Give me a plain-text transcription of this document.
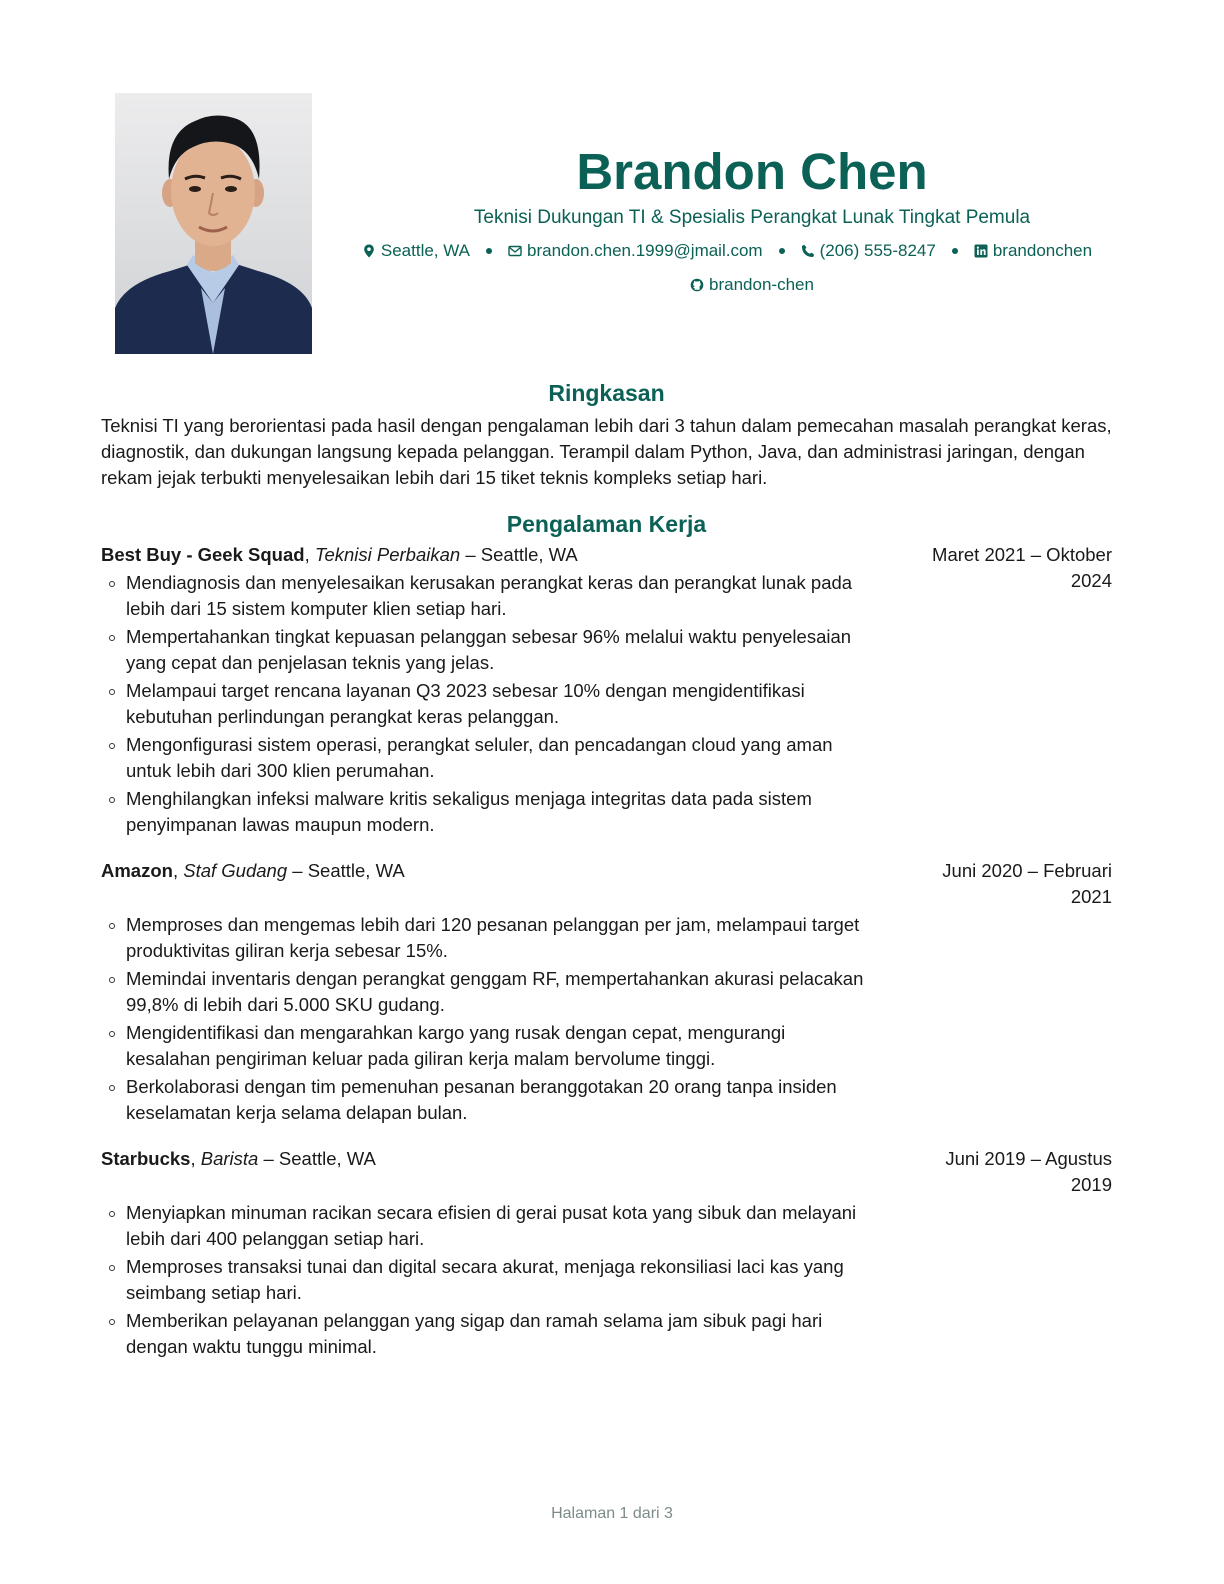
Brandon Chen
Teknisi Dukungan TI & Spesialis Perangkat Lunak Tingkat Pemula
Seattle, WA	brandon.chen.1999@jmail.com	(206) 555-8247	brandonchen
brandon-chen
Ringkasan
Teknisi TI yang berorientasi pada hasil dengan pengalaman lebih dari 3 tahun dalam pemecahan masalah perangkat keras, diagnostik, dan dukungan langsung kepada pelanggan. Terampil dalam Python, Java, dan administrasi jaringan, dengan rekam jejak terbukti menyelesaikan lebih dari 15 tiket teknis kompleks setiap hari.
Pengalaman Kerja
Best Buy - Geek Squad, Teknisi Perbaikan – Seattle, WA	Maret 2021 – Oktober 2024
Mendiagnosis dan menyelesaikan kerusakan perangkat keras dan perangkat lunak pada lebih dari 15 sistem komputer klien setiap hari.
Mempertahankan tingkat kepuasan pelanggan sebesar 96% melalui waktu penyelesaian yang cepat dan penjelasan teknis yang jelas.
Melampaui target rencana layanan Q3 2023 sebesar 10% dengan mengidentifikasi kebutuhan perlindungan perangkat keras pelanggan.
Mengonfigurasi sistem operasi, perangkat seluler, dan pencadangan cloud yang aman untuk lebih dari 300 klien perumahan.
Menghilangkan infeksi malware kritis sekaligus menjaga integritas data pada sistem penyimpanan lawas maupun modern.
Amazon, Staf Gudang – Seattle, WA	Juni 2020 – Februari 2021
Memproses dan mengemas lebih dari 120 pesanan pelanggan per jam, melampaui target produktivitas giliran kerja sebesar 15%.
Memindai inventaris dengan perangkat genggam RF, mempertahankan akurasi pelacakan 99,8% di lebih dari 5.000 SKU gudang.
Mengidentifikasi dan mengarahkan kargo yang rusak dengan cepat, mengurangi kesalahan pengiriman keluar pada giliran kerja malam bervolume tinggi.
Berkolaborasi dengan tim pemenuhan pesanan beranggotakan 20 orang tanpa insiden keselamatan kerja selama delapan bulan.
Starbucks, Barista – Seattle, WA	Juni 2019 – Agustus 2019
Menyiapkan minuman racikan secara efisien di gerai pusat kota yang sibuk dan melayani lebih dari 400 pelanggan setiap hari.
Memproses transaksi tunai dan digital secara akurat, menjaga rekonsiliasi laci kas yang seimbang setiap hari.
Memberikan pelayanan pelanggan yang sigap dan ramah selama jam sibuk pagi hari dengan waktu tunggu minimal.
Halaman 1 dari 3
